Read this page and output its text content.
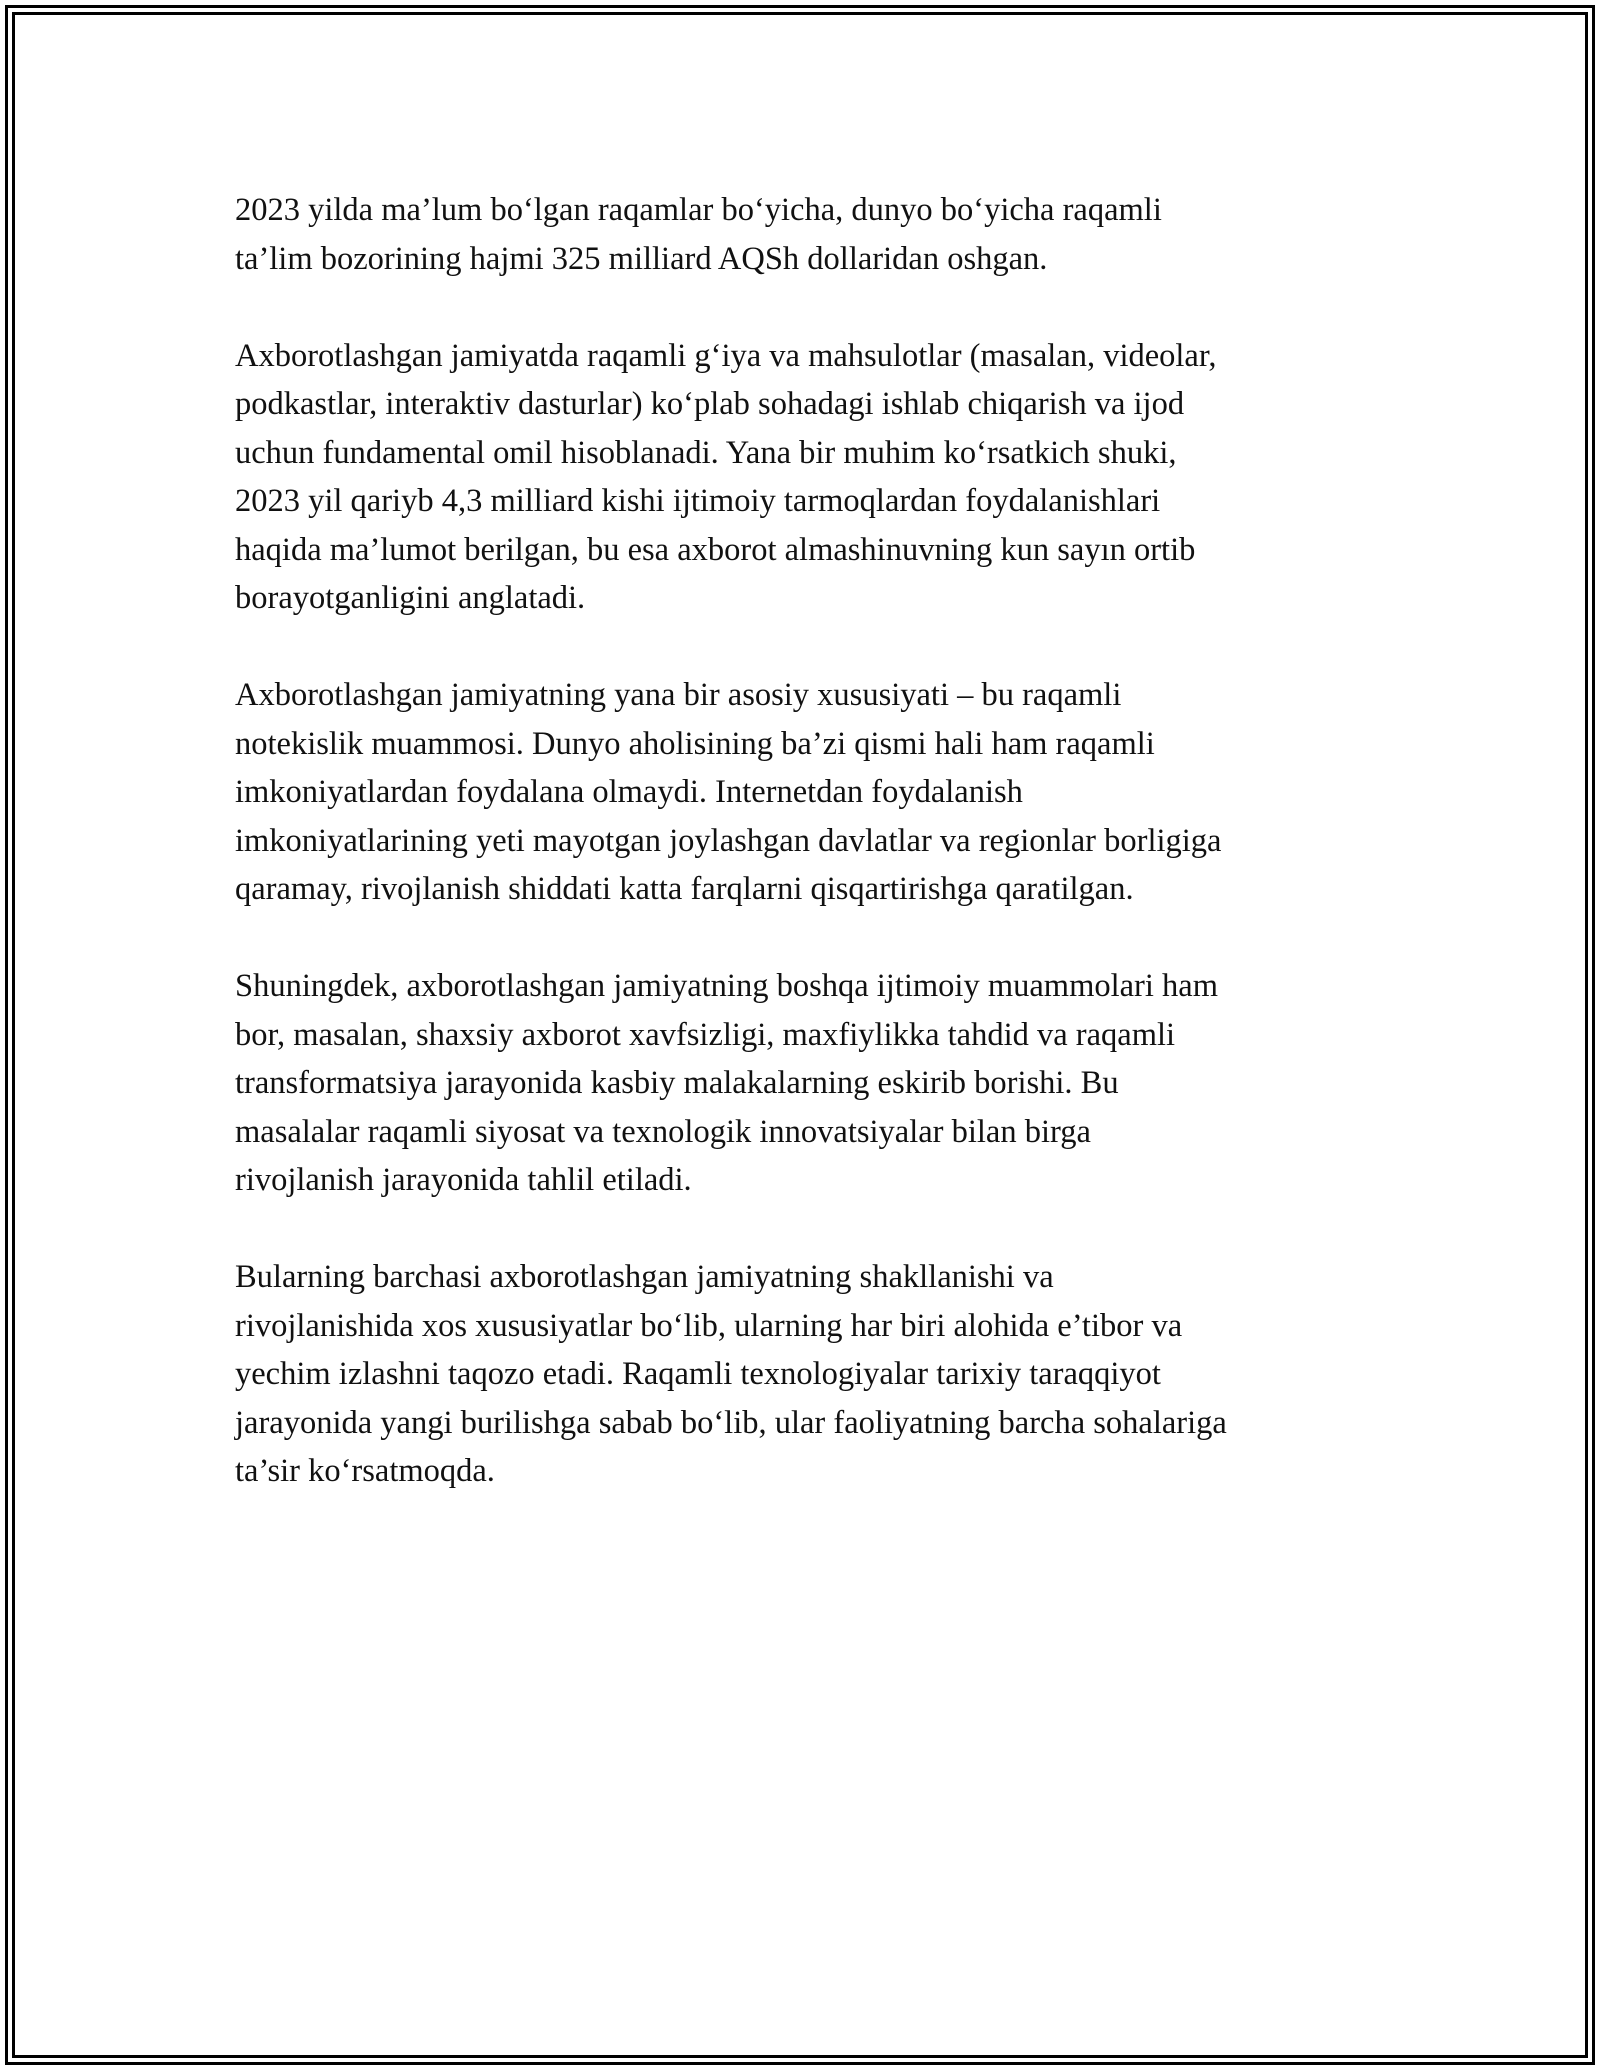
2023 yilda ma’lum bo‘lgan raqamlar bo‘yicha, dunyo bo‘yicha raqamli
ta’lim bozorining hajmi 325 milliard AQSh dollaridan oshgan.

Axborotlashgan jamiyatda raqamli g‘iya va mahsulotlar (masalan, videolar,
podkastlar, interaktiv dasturlar) ko‘plab sohadagi ishlab chiqarish va ijod
uchun fundamental omil hisoblanadi. Yana bir muhim ko‘rsatkich shuki,
2023 yil qariyb 4,3 milliard kishi ijtimoiy tarmoqlardan foydalanishlari
haqida ma’lumot berilgan, bu esa axborot almashinuvning kun sayın ortib
borayotganligini anglatadi.

Axborotlashgan jamiyatning yana bir asosiy xususiyati – bu raqamli
notekislik muammosi. Dunyo aholisining ba’zi qismi hali ham raqamli
imkoniyatlardan foydalana olmaydi. Internetdan foydalanish
imkoniyatlarining yeti mayotgan joylashgan davlatlar va regionlar borligiga
qaramay, rivojlanish shiddati katta farqlarni qisqartirishga qaratilgan.

Shuningdek, axborotlashgan jamiyatning boshqa ijtimoiy muammolari ham
bor, masalan, shaxsiy axborot xavfsizligi, maxfiylikka tahdid va raqamli
transformatsiya jarayonida kasbiy malakalarning eskirib borishi. Bu
masalalar raqamli siyosat va texnologik innovatsiyalar bilan birga
rivojlanish jarayonida tahlil etiladi.

Bularning barchasi axborotlashgan jamiyatning shakllanishi va
rivojlanishida xos xususiyatlar bo‘lib, ularning har biri alohida e’tibor va
yechim izlashni taqozo etadi. Raqamli texnologiyalar tarixiy taraqqiyot
jarayonida yangi burilishga sabab bo‘lib, ular faoliyatning barcha sohalariga
ta’sir ko‘rsatmoqda.
